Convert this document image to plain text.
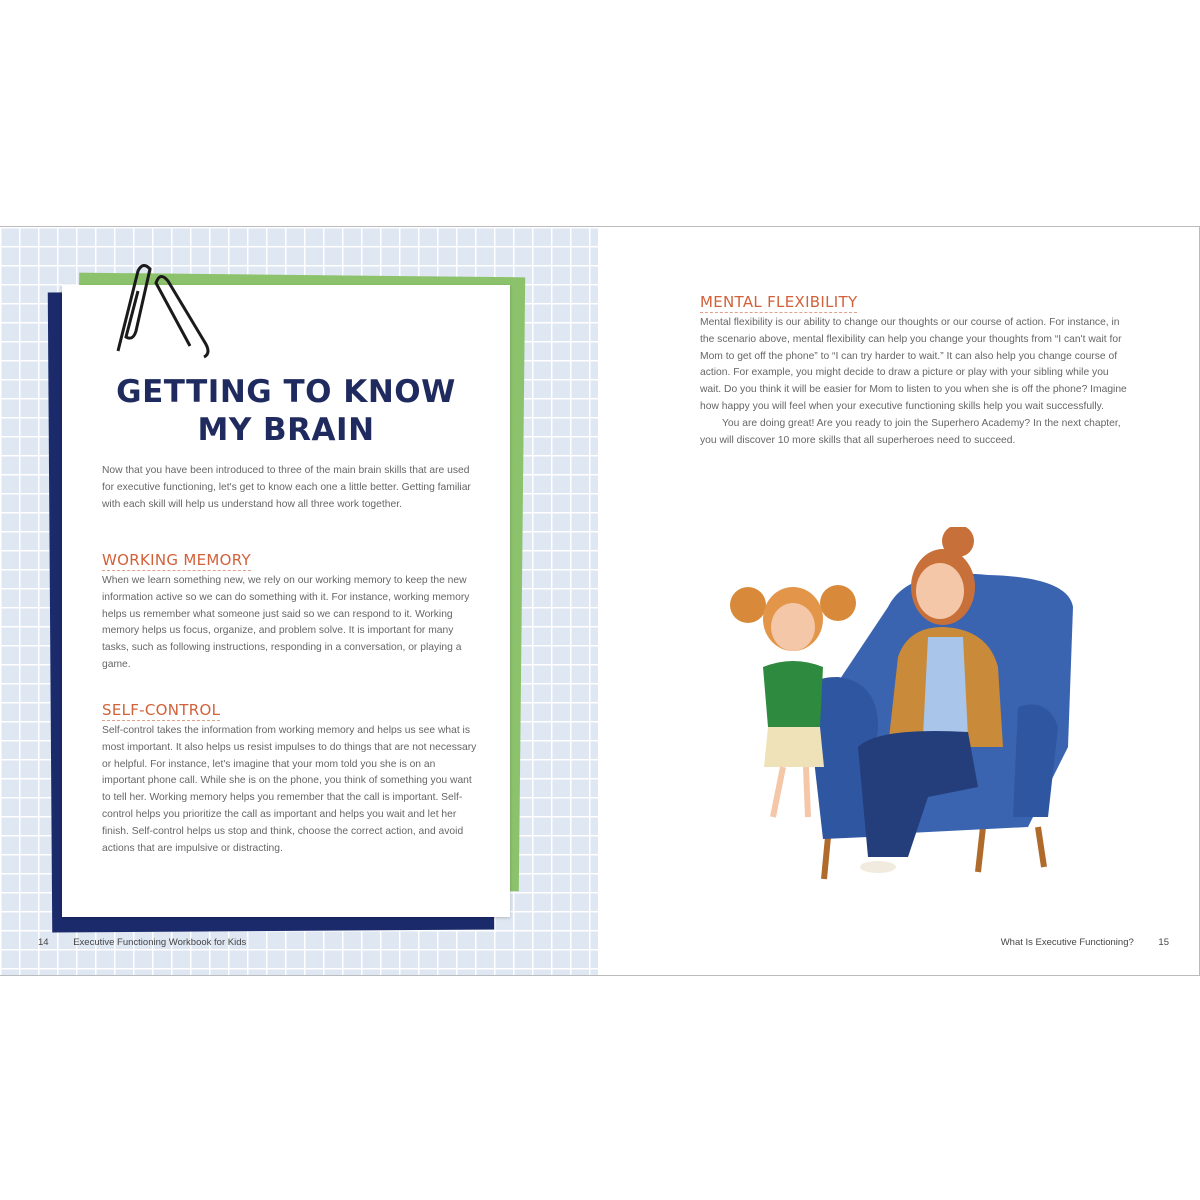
GETTING TO KNOW
MY BRAIN
Now that you have been introduced to three of the main brain skills that are used for executive functioning, let's get to know each one a little better. Getting familiar with each skill will help us understand how all three work together.
WORKING MEMORY
When we learn something new, we rely on our working memory to keep the new information active so we can do something with it. For instance, working memory helps us remember what someone just said so we can respond to it. Working memory helps us focus, organize, and problem solve. It is important for many tasks, such as following instructions, responding in a conversation, or playing a game.
SELF-CONTROL
Self-control takes the information from working memory and helps us see what is most important. It also helps us resist impulses to do things that are not necessary or helpful. For instance, let's imagine that your mom told you she is on an important phone call. While she is on the phone, you think of something you want to tell her. Working memory helps you remember that the call is important. Self-control helps you prioritize the call as important and helps you wait and let her finish. Self-control helps us stop and think, choose the correct action, and avoid actions that are impulsive or distracting.
14	Executive Functioning Workbook for Kids
MENTAL FLEXIBILITY
Mental flexibility is our ability to change our thoughts or our course of action. For instance, in the scenario above, mental flexibility can help you change your thoughts from “I can't wait for Mom to get off the phone” to “I can try harder to wait.” It can also help you change course of action. For example, you might decide to draw a picture or play with your sibling while you wait. Do you think it will be easier for Mom to listen to you when she is off the phone? Imagine how happy you will feel when your executive functioning skills help you wait successfully.
You are doing great! Are you ready to join the Superhero Academy? In the next chapter, you will discover 10 more skills that all superheroes need to succeed.
What Is Executive Functioning?	15
